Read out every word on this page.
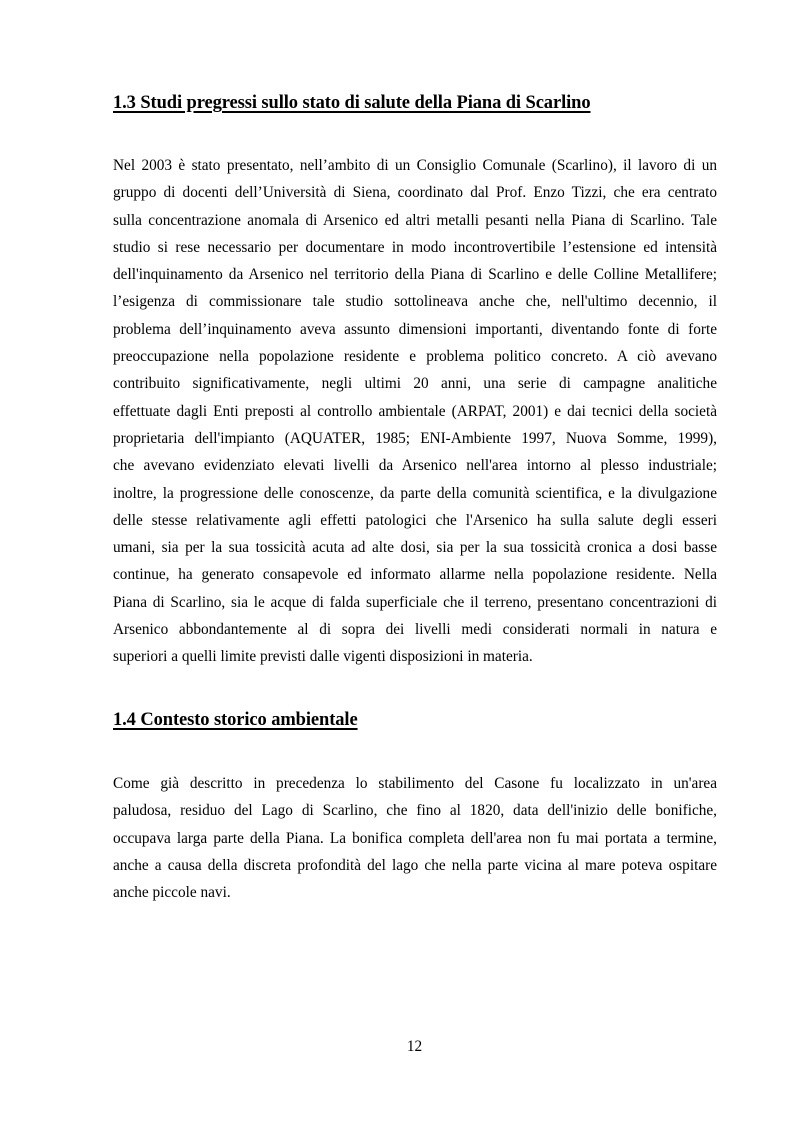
1.3 Studi pregressi sullo stato di salute della Piana di Scarlino
Nel 2003 è stato presentato, nell’ambito di un Consiglio Comunale (Scarlino), il lavoro di un
gruppo di docenti dell’Università di Siena, coordinato dal Prof. Enzo Tizzi, che era centrato
sulla concentrazione anomala di Arsenico ed altri metalli pesanti nella Piana di Scarlino. Tale
studio si rese necessario per documentare in modo incontrovertibile l’estensione ed intensità
dell'inquinamento da Arsenico nel territorio della Piana di Scarlino e delle Colline Metallifere;
l’esigenza di commissionare tale studio sottolineava anche che, nell'ultimo decennio, il
problema dell’inquinamento aveva assunto dimensioni importanti, diventando fonte di forte
preoccupazione nella popolazione residente e problema politico concreto. A ciò avevano
contribuito significativamente, negli ultimi 20 anni, una serie di campagne analitiche
effettuate dagli Enti preposti al controllo ambientale (ARPAT, 2001) e dai tecnici della società
proprietaria dell'impianto (AQUATER, 1985; ENI-Ambiente 1997, Nuova Somme, 1999),
che avevano evidenziato elevati livelli da Arsenico nell'area intorno al plesso industriale;
inoltre, la progressione delle conoscenze, da parte della comunità scientifica, e la divulgazione
delle stesse relativamente agli effetti patologici che l'Arsenico ha sulla salute degli esseri
umani, sia per la sua tossicità acuta ad alte dosi, sia per la sua tossicità cronica a dosi basse
continue, ha generato consapevole ed informato allarme nella popolazione residente. Nella
Piana di Scarlino, sia le acque di falda superficiale che il terreno, presentano concentrazioni di
Arsenico abbondantemente al di sopra dei livelli medi considerati normali in natura e
superiori a quelli limite previsti dalle vigenti disposizioni in materia.
1.4 Contesto storico ambientale
Come già descritto in precedenza lo stabilimento del Casone fu localizzato in un'area
paludosa, residuo del Lago di Scarlino, che fino al 1820, data dell'inizio delle bonifiche,
occupava larga parte della Piana. La bonifica completa dell'area non fu mai portata a termine,
anche a causa della discreta profondità del lago che nella parte vicina al mare poteva ospitare
anche piccole navi.

12
